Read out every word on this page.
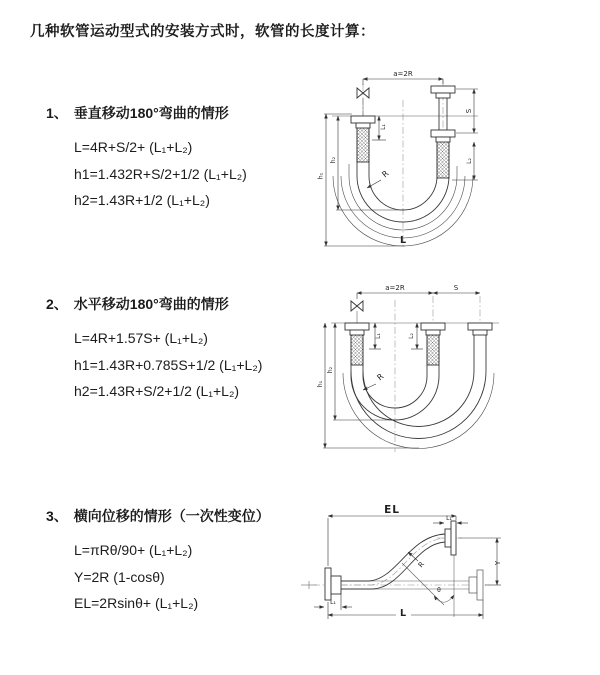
几种软管运动型式的安装方式时，软管的长度计算：
1、 垂直移动180°弯曲的情形
L=4R+S/2+ (L₁+L₂)
h1=1.432R+S/2+1/2 (L₁+L₂)
h2=1.43R+1/2 (L₁+L₂)
2、 水平移动180°弯曲的情形
L=4R+1.57S+ (L₁+L₂)
h1=1.43R+0.785S+1/2 (L₁+L₂)
h2=1.43R+S/2+1/2 (L₁+L₂)
3、 横向位移的情形（一次性变位）
L=πRθ/90+ (L₁+L₂)
Y=2R (1-cosθ)
EL=2Rsinθ+ (L₁+L₂)
a=2R
h₁
h₂
L₁
S
L₂
R
L
a=2R	S
h₁
h₂
L₁	L₂
R
θ
EL
L₁
Y
L
L₁
R
